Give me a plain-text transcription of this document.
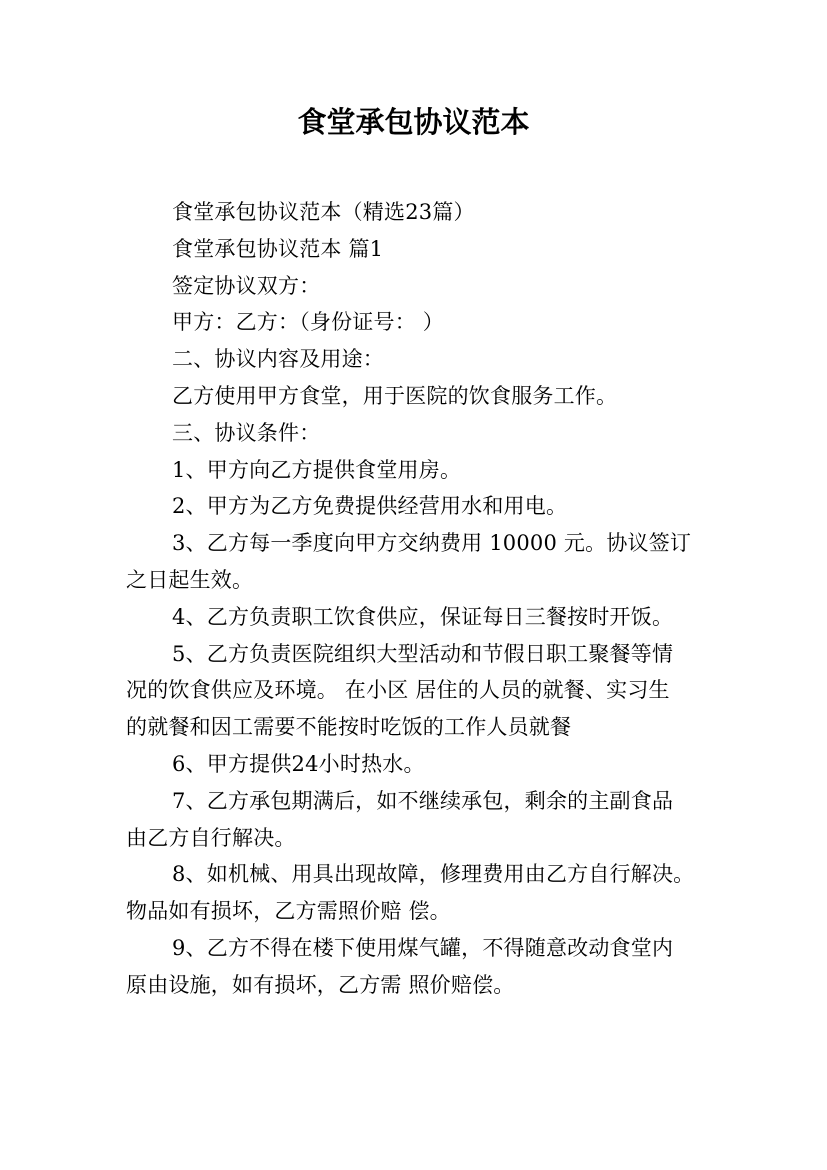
食堂承包协议范本
食堂承包协议范本（精选23篇）
食堂承包协议范本 篇1
签定协议双方：
甲方：乙方：（身份证号： ）
二、协议内容及用途：
乙方使用甲方食堂，用于医院的饮食服务工作。
三、协议条件：
1、甲方向乙方提供食堂用房。
2、甲方为乙方免费提供经营用水和用电。
3、乙方每一季度向甲方交纳费用 10000 元。协议签订
之日起生效。
4、乙方负责职工饮食供应，保证每日三餐按时开饭。
5、乙方负责医院组织大型活动和节假日职工聚餐等情
况的饮食供应及环境。 在小区 居住的人员的就餐、实习生
的就餐和因工需要不能按时吃饭的工作人员就餐
6、甲方提供24小时热水。
7、乙方承包期满后，如不继续承包，剩余的主副食品
由乙方自行解决。
8、如机械、用具出现故障，修理费用由乙方自行解决。
物品如有损坏，乙方需照价赔 偿。
9、乙方不得在楼下使用煤气罐，不得随意改动食堂内
原由设施，如有损坏，乙方需 照价赔偿。
